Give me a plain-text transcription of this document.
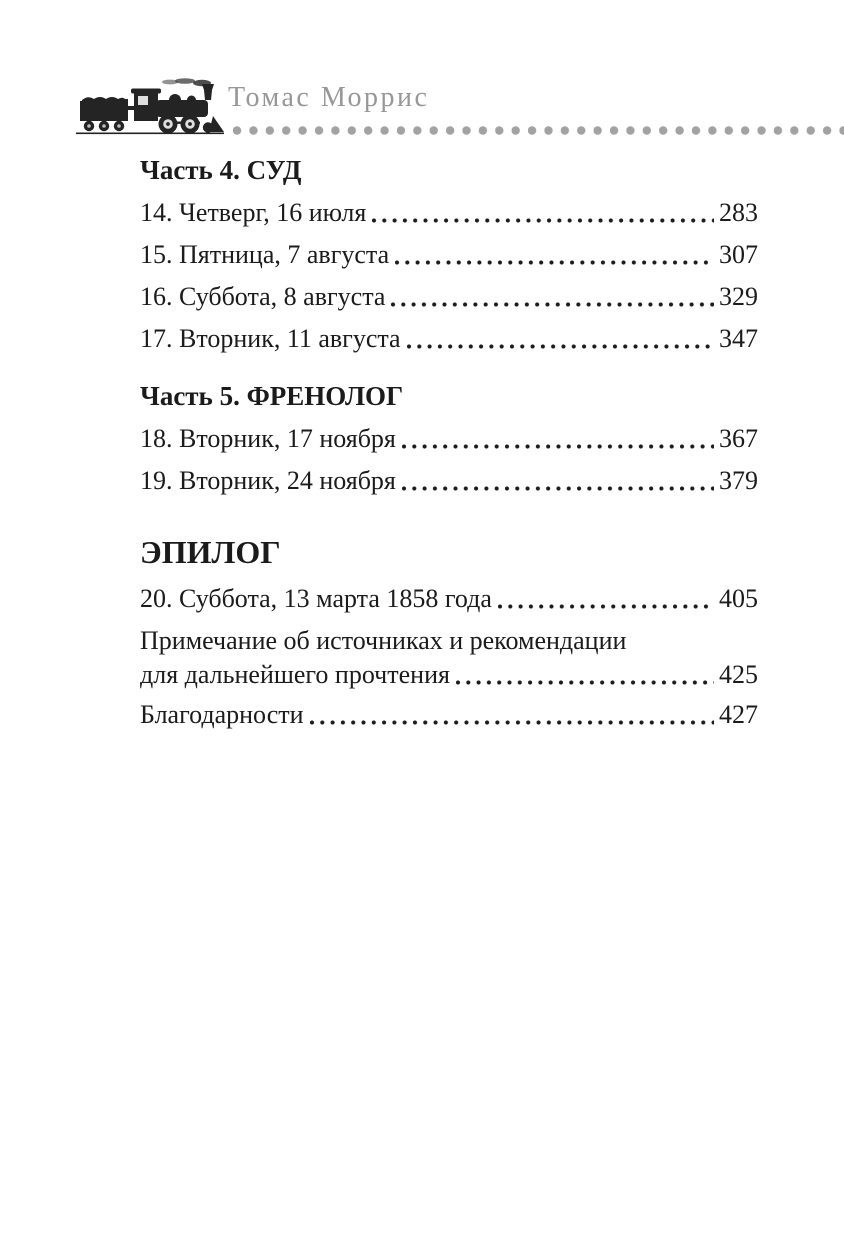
Томас Моррис
Часть 4. СУД
14. Четверг, 16 июля	283
15. Пятница, 7 августа	307
16. Суббота, 8 августа	329
17. Вторник, 11 августа	347
Часть 5. ФРЕНОЛОГ
18. Вторник, 17 ноября	367
19. Вторник, 24 ноября	379
ЭПИЛОГ
20. Суббота, 13 марта 1858 года	405
Примечание об источниках и рекомендации
для дальнейшего прочтения	425
Благодарности	427
